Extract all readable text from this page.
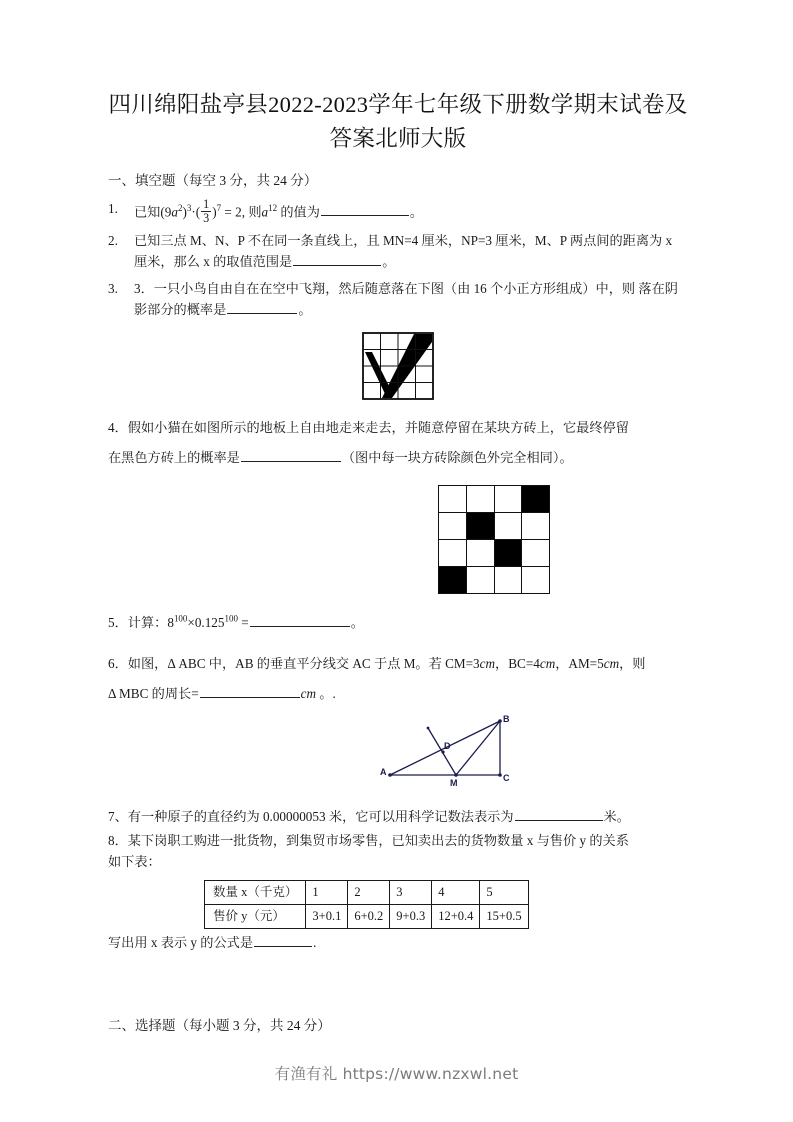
四川绵阳盐亭县2022-2023学年七年级下册数学期末试卷及
答案北师大版
一、填空题（每空 3 分，共 24 分）
1.	已知$(9a^2)^3\cdot( \frac{1}{3} )^7 = 2$, 则$a^{12}$ 的值为	。
2.	已知三点 M、N、P 不在同一条直线上，且 MN=4 厘米，NP=3 厘米，M、P 两点间的距离为 x 厘米，那么 x 的取值范围是	。
3.	3．一只小鸟自由自在在空中飞翔，然后随意落在下图（由 16 个小正方形组成）中，则 落在阴影部分的概率是	。
4．假如小猫在如图所示的地板上自由地走来走去，并随意停留在某块方砖上，它最终停留
在黑色方砖上的概率是	（图中每一块方砖除颜色外完全相同）。

5．计算：$8^{100}\times 0.125^{100}$ =	。
6．如图，Δ ABC 中，AB 的垂直平分线交 AC 于点 M。若 CM=3cm，BC=4cm，AM=5cm，则
Δ MBC 的周长=	cm 。.
A
B
C
M
D
7、有一种原子的直径约为 0.00000053 米，它可以用科学记数法表示为	米。
8．某下岗职工购进一批货物，到集贸市场零售，已知卖出去的货物数量 x 与售价 y 的关系
如下表：
数量 x（千克）	1	2	3	4	5
售价 y（元）	3+0.1	6+0.2	9+0.3	12+0.4	15+0.5
写出用 x 表示 y 的公式是	.
二、选择题（每小题 3 分，共 24 分）
有渔有礼 https://www.nzxwl.net
